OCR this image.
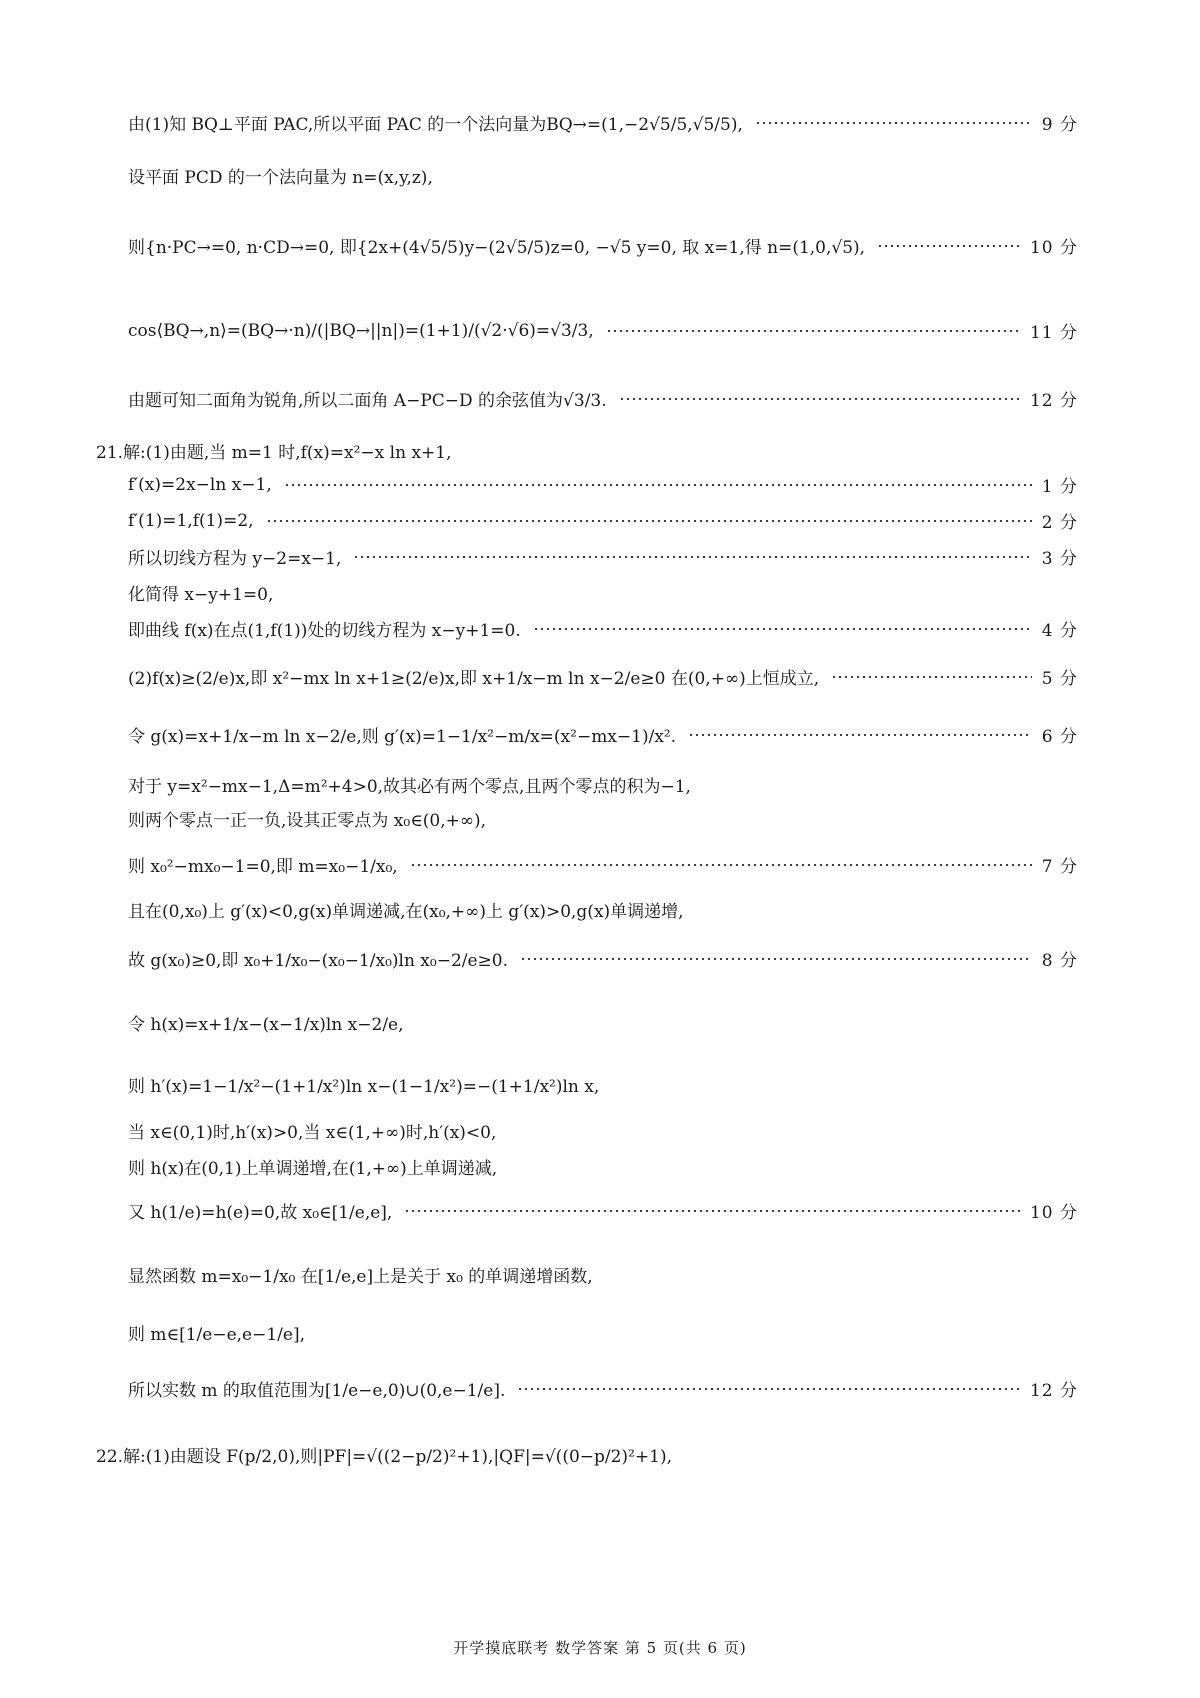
由(1)知 BQ⊥平面 PAC,所以平面 PAC 的一个法向量为BQ→=(1,−2√5/5,√5/5),	9 分
设平面 PCD 的一个法向量为 n=(x,y,z),
则{n·PC→=0, n·CD→=0, 即{2x+(4√5/5)y−(2√5/5)z=0, −√5 y=0, 取 x=1,得 n=(1,0,√5),	10 分
cos⟨BQ→,n⟩=(BQ→·n)/(|BQ→||n|)=(1+1)/(√2·√6)=√3/3,	11 分
由题可知二面角为锐角,所以二面角 A−PC−D 的余弦值为√3/3.	12 分
21.解:(1)由题,当 m=1 时,f(x)=x²−x ln x+1,
f′(x)=2x−ln x−1,	1 分
f′(1)=1,f(1)=2,	2 分
所以切线方程为 y−2=x−1,	3 分
化简得 x−y+1=0,
即曲线 f(x)在点(1,f(1))处的切线方程为 x−y+1=0.	4 分
(2)f(x)≥(2/e)x,即 x²−mx ln x+1≥(2/e)x,即 x+1/x−m ln x−2/e≥0 在(0,+∞)上恒成立,	5 分
令 g(x)=x+1/x−m ln x−2/e,则 g′(x)=1−1/x²−m/x=(x²−mx−1)/x².	6 分
对于 y=x²−mx−1,Δ=m²+4>0,故其必有两个零点,且两个零点的积为−1,
则两个零点一正一负,设其正零点为 x₀∈(0,+∞),
则 x₀²−mx₀−1=0,即 m=x₀−1/x₀,	7 分
且在(0,x₀)上 g′(x)<0,g(x)单调递减,在(x₀,+∞)上 g′(x)>0,g(x)单调递增,
故 g(x₀)≥0,即 x₀+1/x₀−(x₀−1/x₀)ln x₀−2/e≥0.	8 分
令 h(x)=x+1/x−(x−1/x)ln x−2/e,
则 h′(x)=1−1/x²−(1+1/x²)ln x−(1−1/x²)=−(1+1/x²)ln x,
当 x∈(0,1)时,h′(x)>0,当 x∈(1,+∞)时,h′(x)<0,
则 h(x)在(0,1)上单调递增,在(1,+∞)上单调递减,
又 h(1/e)=h(e)=0,故 x₀∈[1/e,e],	10 分
显然函数 m=x₀−1/x₀ 在[1/e,e]上是关于 x₀ 的单调递增函数,
则 m∈[1/e−e,e−1/e],
所以实数 m 的取值范围为[1/e−e,0)∪(0,e−1/e].	12 分
22.解:(1)由题设 F(p/2,0),则|PF|=√((2−p/2)²+1),|QF|=√((0−p/2)²+1),
开学摸底联考 数学答案 第 5 页(共 6 页)
